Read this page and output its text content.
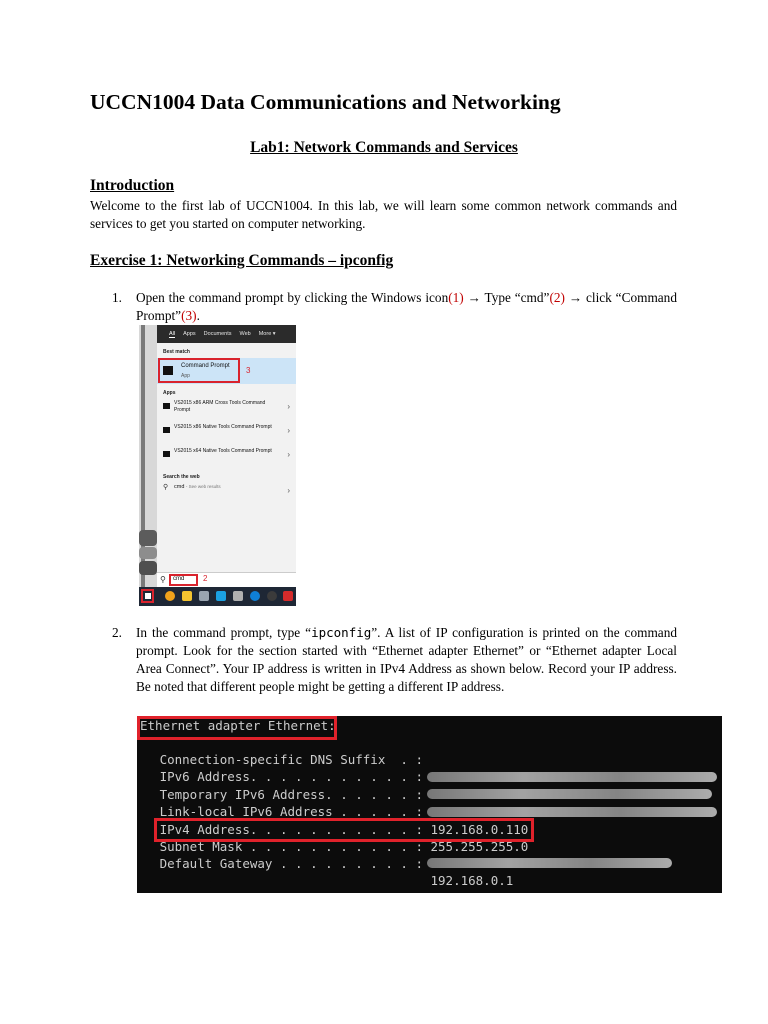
UCCN1004 Data Communications and Networking
Lab1: Network Commands and Services
Introduction

Welcome to the first lab of UCCN1004. In this lab, we will learn some common network commands and services to get you started on computer networking.

Exercise 1: Networking Commands – ipconfig
1. Open the command prompt by clicking the Windows icon(1) → Type “cmd”(2) → click “Command Prompt”(3).
All Apps Documents Web More ▾
Best match
Command Prompt
App
3
Apps
VS2015 x86 ARM Cross Tools Command Prompt	›
VS2015 x86 Native Tools Command Prompt ›
VS2015 x64 Native Tools Command Prompt ›
Search the web
⚲ cmd - See web results	›
⚲ cmd 2
2. In the command prompt, type “ipconfig”. A list of IP configuration is printed on the command prompt. Look for the section started with “Ethernet adapter Ethernet” or “Ethernet adapter Local Area Connect”. Your IP address is written in IPv4 Address as shown below. Record your IP address. Be noted that different people might be getting a different IP address.
Ethernet adapter Ethernet:
Connection-specific DNS Suffix  . :
IPv6 Address. . . . . . . . . . . :
Temporary IPv6 Address. . . . . . :
Link-local IPv6 Address . . . . . :
IPv4 Address. . . . . . . . . . . : 192.168.0.110
Subnet Mask . . . . . . . . . . . : 255.255.255.0
Default Gateway . . . . . . . . . :
192.168.0.1
